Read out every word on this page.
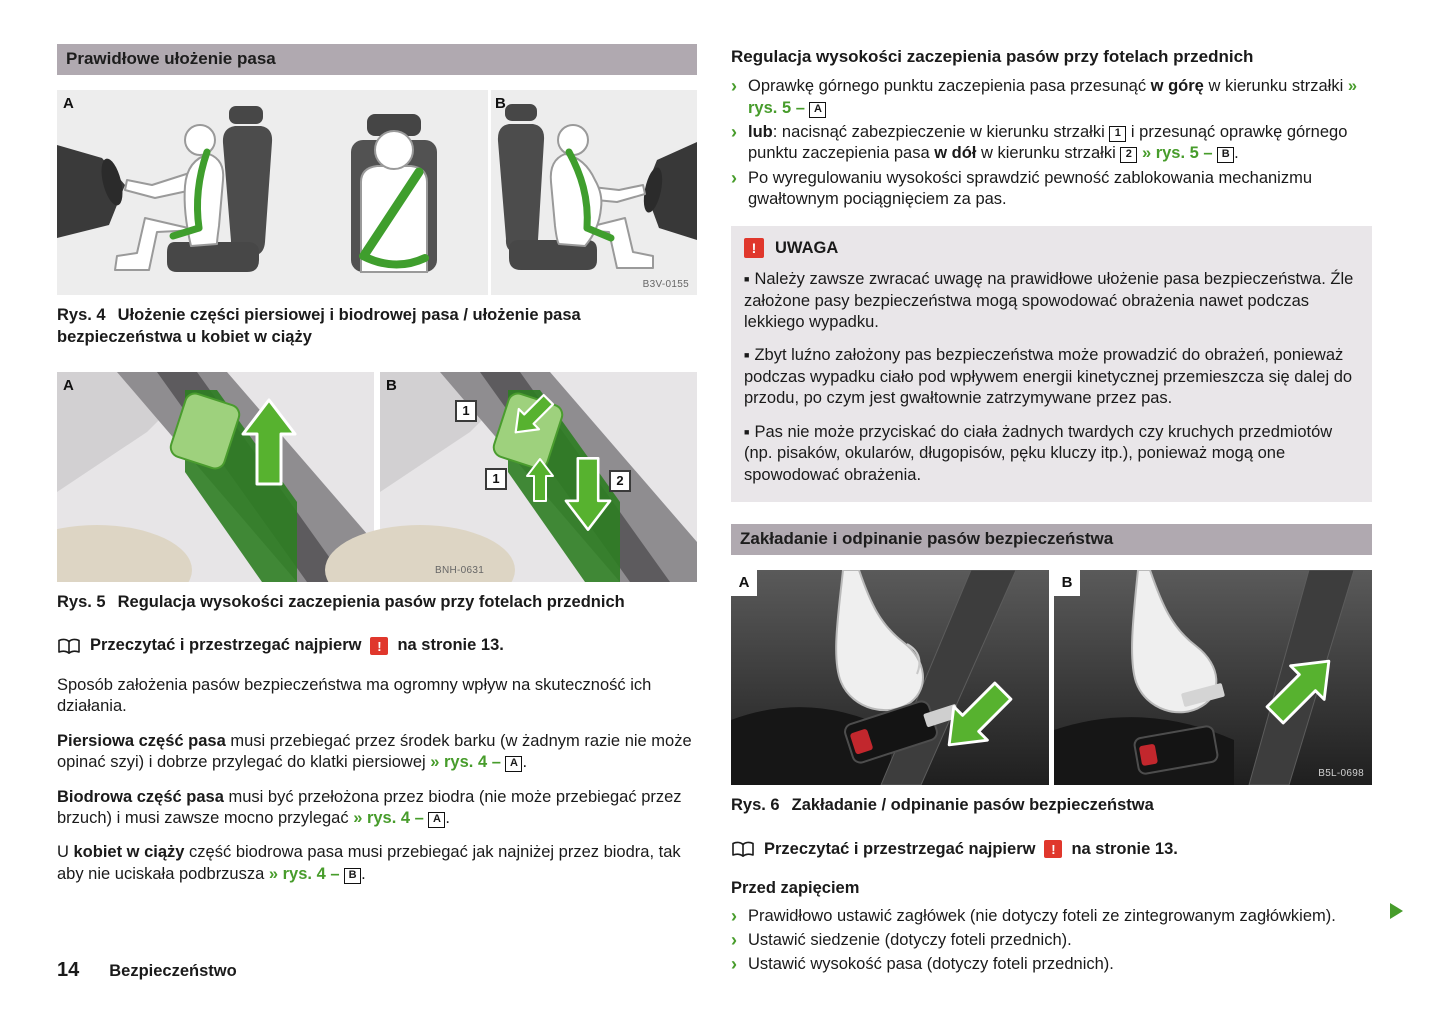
Prawidłowe ułożenie pasa
A	B
B3V-0155

Rys. 4 Ułożenie części piersiowej i biodrowej pasa / ułożenie pasa bezpieczeństwa u kobiet w ciąży

A	B
1
1	2
BNH-0631

Rys. 5 Regulacja wysokości zaczepienia pasów przy fotelach przednich

Przeczytać i przestrzegać najpierw	! na stronie 13.

Sposób założenia pasów bezpieczeństwa ma ogromny wpływ na skuteczność ich działania.

Piersiowa część pasa musi przebiegać przez środek barku (w żadnym razie nie może opinać szyi) i dobrze przylegać do klatki piersiowej » rys. 4 – A .

Biodrowa część pasa musi być przełożona przez biodra (nie może przebiegać przez brzuch) i musi zawsze mocno przylegać » rys. 4 – A .

U kobiet w ciąży część biodrowa pasa musi przebiegać jak najniżej przez biodra, tak aby nie uciskała podbrzusza » rys. 4 – B .

Regulacja wysokości zaczepienia pasów przy fotelach przednich
› Oprawkę górnego punktu zaczepienia pasa przesunąć w górę w kierunku strzałki » rys. 5 – A
› lub: nacisnąć zabezpieczenie w kierunku strzałki 1 i przesunąć oprawkę górnego punktu zaczepienia pasa w dół w kierunku strzałki 2 » rys. 5 – B .
› Po wyregulowaniu wysokości sprawdzić pewność zablokowania mechanizmu gwałtownym pociągnięciem za pas.
!	UWAGA

■ Należy zawsze zwracać uwagę na prawidłowe ułożenie pasa bezpieczeństwa. Źle założone pasy bezpieczeństwa mogą spowodować obrażenia nawet podczas lekkiego wypadku.

■ Zbyt luźno założony pas bezpieczeństwa może prowadzić do obrażeń, ponieważ podczas wypadku ciało pod wpływem energii kinetycznej przemieszcza się dalej do przodu, po czym jest gwałtownie zatrzymywane przez pas.

■ Pas nie może przyciskać do ciała żadnych twardych czy kruchych przedmiotów (np. pisaków, okularów, długopisów, pęku kluczy itp.), ponieważ mogą one spowodować obrażenia.

Zakładanie i odpinanie pasów bezpieczeństwa
A	B
B5L-0698

Rys. 6 Zakładanie / odpinanie pasów bezpieczeństwa

Przeczytać i przestrzegać najpierw	! na stronie 13.
Przed zapięciem
› Prawidłowo ustawić zagłówek (nie dotyczy foteli ze zintegrowanym zagłówkiem).
› Ustawić siedzenie (dotyczy foteli przednich).
› Ustawić wysokość pasa (dotyczy foteli przednich).
14 Bezpieczeństwo
